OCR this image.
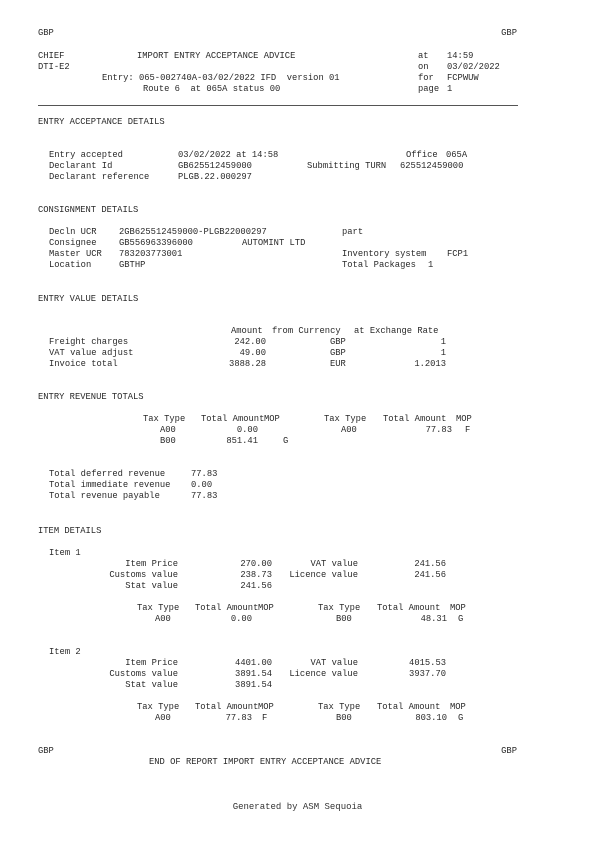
GBP	GBP
CHIEF	IMPORT ENTRY ACCEPTANCE ADVICE
DTI-E2
Entry: 065-002740A-03/02/2022 IFD  version 01
Route 6  at 065A status 00
at 14:59
on 03/02/2022
for FCPWUW
page 1
ENTRY ACCEPTANCE DETAILS
Entry accepted	03/02/2022 at 14:58	Office 065A
Declarant Id	GB625512459000	Submitting TURN 625512459000
Declarant reference	PLGB.22.000297
CONSIGNMENT DETAILS
Decln UCR	2GB625512459000-PLGB22000297	part
Consignee	GB556963396000	AUTOMINT LTD
Master UCR 783203773001	Inventory system FCP1
Location	GBTHP	Total Packages 1
ENTRY VALUE DETAILS
Amount from Currency at Exchange Rate
Freight charges	242.00	GBP	1
VAT value adjust	49.00	GBP	1
Invoice total	3888.28	EUR	1.2013
ENTRY REVENUE TOTALS
Tax Type Total Amount MOP	Tax Type Total Amount MOP
A00	0.00	A00	77.83 F
B00	851.41	G
Total deferred revenue	77.83
Total immediate revenue 0.00
Total revenue payable	77.83
ITEM DETAILS
Item 1
Item Price	270.00	VAT value	241.56
Customs value	238.73	Licence value	241.56
Stat value	241.56
Tax Type Total Amount MOP	Tax Type Total Amount MOP
A00	0.00	B00	48.31 G
Item 2
Item Price	4401.00	VAT value	4015.53
Customs value	3891.54	Licence value	3937.70
Stat value	3891.54
Tax Type Total Amount MOP	Tax Type Total Amount MOP
A00	77.83 F	B00	803.10 G
GBP	GBP
END OF REPORT IMPORT ENTRY ACCEPTANCE ADVICE
Generated by ASM Sequoia
